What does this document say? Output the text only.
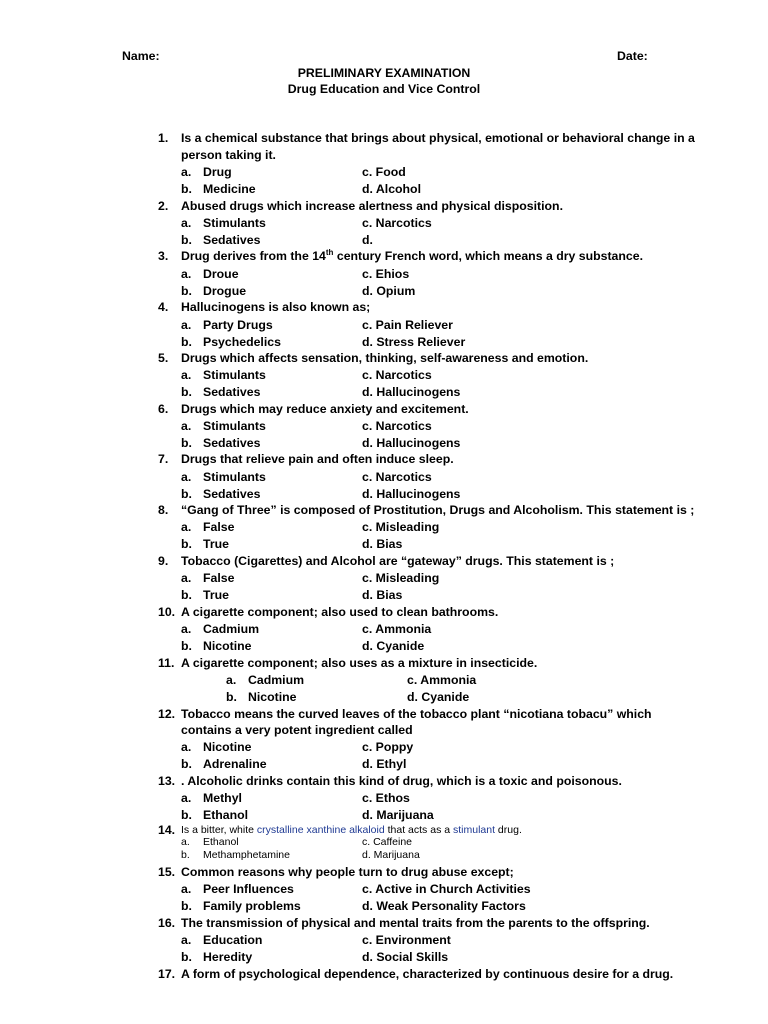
Name:	Date:
PRELIMINARY EXAMINATION
Drug Education and Vice Control
1. Is a chemical substance that brings about physical, emotional or behavioral change in a
person taking it.
a. Drug	c. Food
b. Medicine	d. Alcohol
2. Abused drugs which increase alertness and physical disposition.
a. Stimulants	c. Narcotics
b. Sedatives	d.
3. Drug derives from the 14th century French word, which means a dry substance.
a. Droue	c. Ehios
b. Drogue	d. Opium
4. Hallucinogens is also known as;
a. Party Drugs	c. Pain Reliever
b. Psychedelics	d. Stress Reliever
5. Drugs which affects sensation, thinking, self-awareness and emotion.
a. Stimulants	c. Narcotics
b. Sedatives	d. Hallucinogens
6. Drugs which may reduce anxiety and excitement.
a. Stimulants	c. Narcotics
b. Sedatives	d. Hallucinogens
7. Drugs that relieve pain and often induce sleep.
a. Stimulants	c. Narcotics
b. Sedatives	d. Hallucinogens
8. “Gang of Three” is composed of Prostitution, Drugs and Alcoholism. This statement is ;
a. False	c. Misleading
b. True	d. Bias
9. Tobacco (Cigarettes) and Alcohol are “gateway” drugs. This statement is ;
a. False	c. Misleading
b. True	d. Bias
10. A cigarette component; also used to clean bathrooms.
a. Cadmium	c. Ammonia
b. Nicotine	d. Cyanide
11. A cigarette component; also uses as a mixture in insecticide.
a. Cadmium	c. Ammonia
b. Nicotine	d. Cyanide
12. Tobacco means the curved leaves of the tobacco plant “nicotiana tobacu” which
contains a very potent ingredient called
a. Nicotine	c. Poppy
b. Adrenaline	d. Ethyl
13. . Alcoholic drinks contain this kind of drug, which is a toxic and poisonous.
a. Methyl	c. Ethos
b. Ethanol	d. Marijuana
14. Is a bitter, white crystalline xanthine alkaloid that acts as a stimulant drug.
a. Ethanol	c. Caffeine
b. Methamphetamine	d. Marijuana
15. Common reasons why people turn to drug abuse except;
a. Peer Influences	c. Active in Church Activities
b. Family problems	d. Weak Personality Factors
16. The transmission of physical and mental traits from the parents to the offspring.
a. Education	c. Environment
b. Heredity	d. Social Skills
17. A form of psychological dependence, characterized by continuous desire for a drug.
